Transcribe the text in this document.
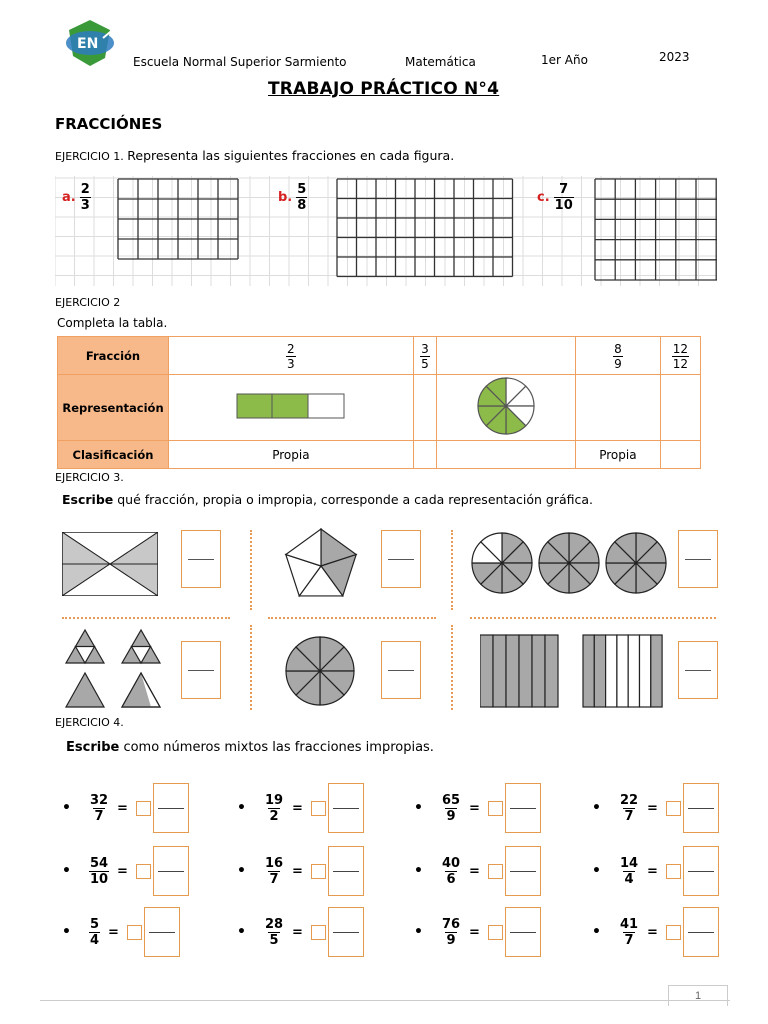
EN
Escuela Normal Superior Sarmiento	Matemática	1er Año	2023
TRABAJO PRÁCTICO N°4
FRACCIÓNES
EJERCICIO 1. Representa las siguientes fracciones en cada figura.
a. $\frac{2}{3}$	b. $\frac{5}{8}$	c. $\frac{7}{10}$
EJERCICIO 2
Completa la tabla.
Fracción	$\frac{2}{3}$	$\frac{3}{5}$		$\frac{8}{9}$	$\frac{12}{12}$

Representación					
Clasificación	Propia			Propia	
EJERCICIO 3.
Escribe qué fracción, propia o impropia, corresponde a cada representación gráfica.
EJERCICIO 4.
Escribe como números mixtos las fracciones impropias.
• $\frac{32}{7}$ =	• $\frac{19}{2}$ =	• $\frac{65}{9}$ =	• $\frac{22}{7}$ =
• $\frac{54}{10}$ =	• $\frac{16}{7}$ =	• $\frac{40}{6}$ =	• $\frac{14}{4}$ =
• $\frac{5}{4}$ =	• $\frac{28}{5}$ =	• $\frac{76}{9}$ =	• $\frac{41}{7}$ =
1
